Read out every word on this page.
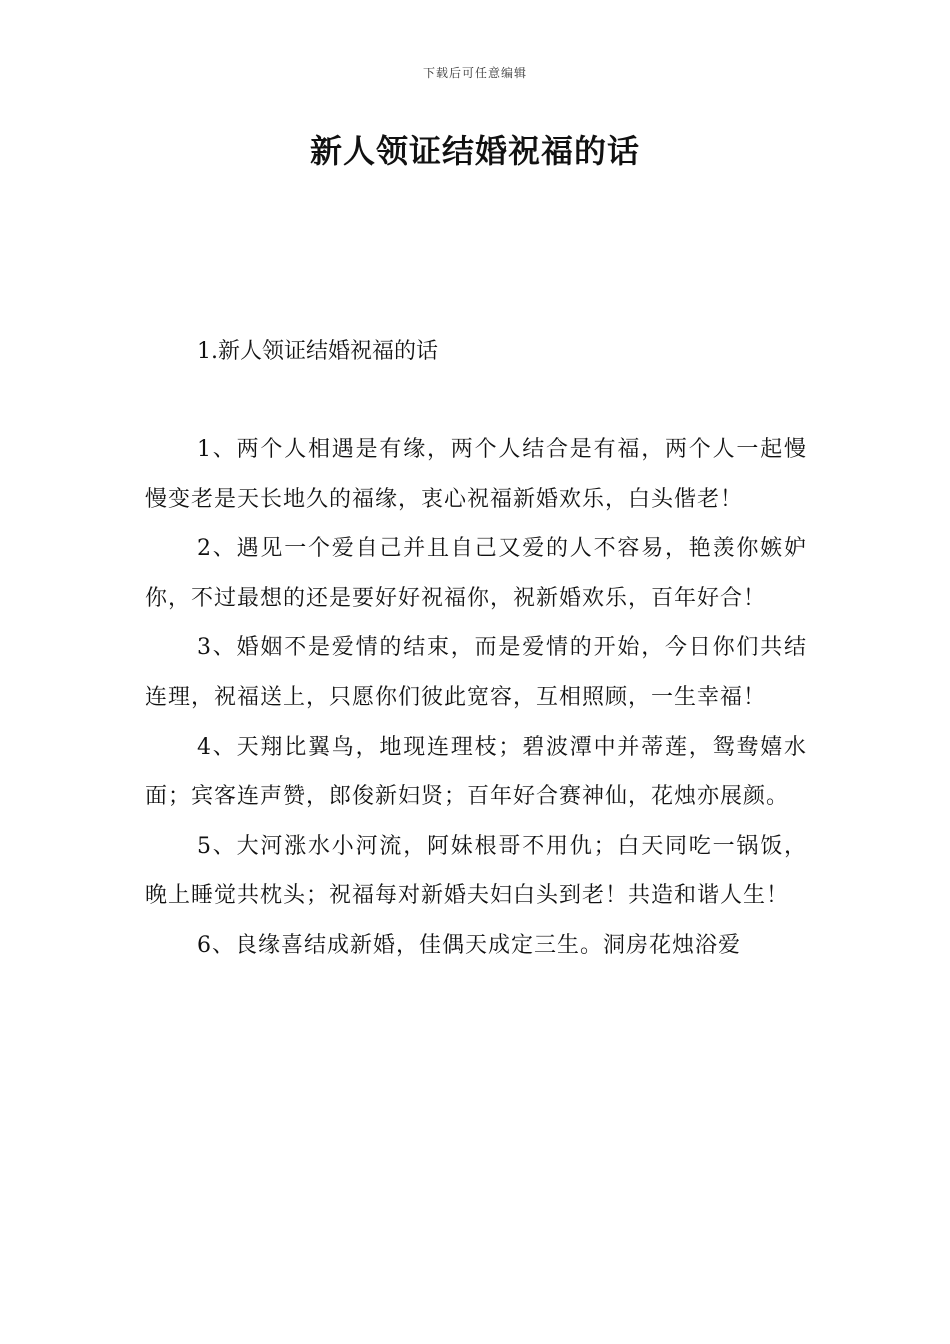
下载后可任意编辑
新人领证结婚祝福的话
1.新人领证结婚祝福的话

1、两个人相遇是有缘，两个人结合是有福，两个人一起慢慢变老是天长地久的福缘，衷心祝福新婚欢乐，白头偕老！

2、遇见一个爱自己并且自己又爱的人不容易，艳羡你嫉妒你，不过最想的还是要好好祝福你，祝新婚欢乐，百年好合！

3、婚姻不是爱情的结束，而是爱情的开始，今日你们共结连理，祝福送上，只愿你们彼此宽容，互相照顾，一生幸福！

4、天翔比翼鸟，地现连理枝；碧波潭中并蒂莲，鸳鸯嬉水面；宾客连声赞，郎俊新妇贤；百年好合赛神仙，花烛亦展颜。

5、大河涨水小河流，阿妹根哥不用仇；白天同吃一锅饭，晚上睡觉共枕头；祝福每对新婚夫妇白头到老！共造和谐人生！

6、良缘喜结成新婚，佳偶天成定三生。洞房花烛浴爱
